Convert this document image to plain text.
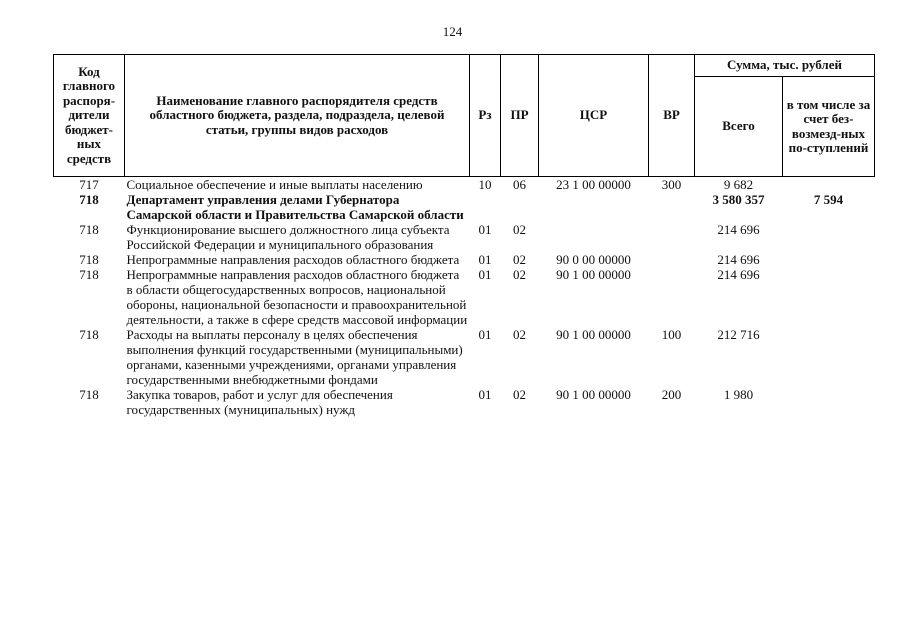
124
Код главного распоря-дители бюджет-ных средств	Наименование главного распорядителя средств областного бюджета, раздела, подраздела, целевой статьи, группы видов расходов	Рз	ПР	ЦСР	ВР	Сумма, тыс. рублей	
						Всего	в том числе за счет без-возмезд-ных по-ступлений
717	Социальное обеспечение и иные выплаты населению	10	06	23 1 00 00000	300	9 682	
718	Департамент управления делами Губернатора Самарской области и Правительства Самарской области					3 580 357	7 594
718	Функционирование высшего должностного лица субъекта Российской Федерации и муниципального образования	01	02			214 696	
718	Непрограммные направления расходов областного бюджета	01	02	90 0 00 00000		214 696	
718	Непрограммные направления расходов областного бюджета в области общегосударственных вопросов, национальной обороны, национальной безопасности и правоохранительной деятельности, а также в сфере средств массовой информации	01	02	90 1 00 00000		214 696	
718	Расходы на выплаты персоналу в целях обеспечения выполнения функций государственными (муниципальными) органами, казенными учреждениями, органами управления государственными внебюджетными фондами	01	02	90 1 00 00000	100	212 716	
718	Закупка товаров, работ и услуг для обеспечения государственных (муниципальных) нужд	01	02	90 1 00 00000	200	1 980	
